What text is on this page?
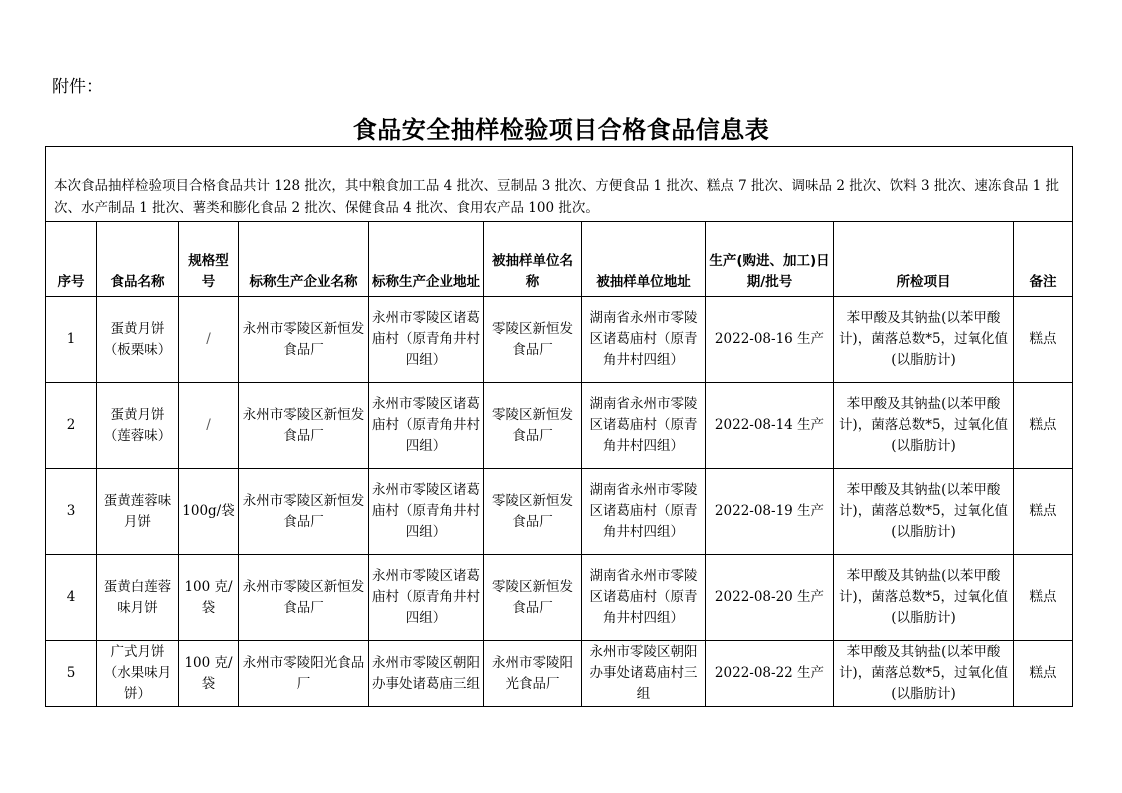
附件：
食品安全抽样检验项目合格食品信息表
本次食品抽样检验项目合格食品共计 128 批次，其中粮食加工品 4 批次、豆制品 3 批次、方便食品 1 批次、糕点 7 批次、调味品 2 批次、饮料 3 批次、速冻食品 1 批次、水产制品 1 批次、薯类和膨化食品 2 批次、保健食品 4 批次、食用农产品 100 批次。									
序号	食品名称	规格型号	标称生产企业名称	标称生产企业地址	被抽样单位名称	被抽样单位地址	生产(购进、加工)日期/批号	所检项目	备注
1	蛋黄月饼（板栗味）	/	永州市零陵区新恒发食品厂	永州市零陵区诸葛庙村（原青角井村四组）	零陵区新恒发食品厂	湖南省永州市零陵区诸葛庙村（原青角井村四组）	2022-08-16 生产	苯甲酸及其钠盐(以苯甲酸计)，菌落总数*5，过氧化值(以脂肪计)	糕点
2	蛋黄月饼（莲蓉味）	/	永州市零陵区新恒发食品厂	永州市零陵区诸葛庙村（原青角井村四组）	零陵区新恒发食品厂	湖南省永州市零陵区诸葛庙村（原青角井村四组）	2022-08-14 生产	苯甲酸及其钠盐(以苯甲酸计)，菌落总数*5，过氧化值(以脂肪计)	糕点
3	蛋黄莲蓉味月饼	100g/袋	永州市零陵区新恒发食品厂	永州市零陵区诸葛庙村（原青角井村四组）	零陵区新恒发食品厂	湖南省永州市零陵区诸葛庙村（原青角井村四组）	2022-08-19 生产	苯甲酸及其钠盐(以苯甲酸计)，菌落总数*5，过氧化值(以脂肪计)	糕点
4	蛋黄白莲蓉味月饼	100 克/袋	永州市零陵区新恒发食品厂	永州市零陵区诸葛庙村（原青角井村四组）	零陵区新恒发食品厂	湖南省永州市零陵区诸葛庙村（原青角井村四组）	2022-08-20 生产	苯甲酸及其钠盐(以苯甲酸计)，菌落总数*5，过氧化值(以脂肪计)	糕点
5	广式月饼（水果味月饼）	100 克/袋	永州市零陵阳光食品厂	永州市零陵区朝阳办事处诸葛庙三组	永州市零陵阳光食品厂	永州市零陵区朝阳办事处诸葛庙村三组	2022-08-22 生产	苯甲酸及其钠盐(以苯甲酸计)，菌落总数*5，过氧化值(以脂肪计)	糕点
